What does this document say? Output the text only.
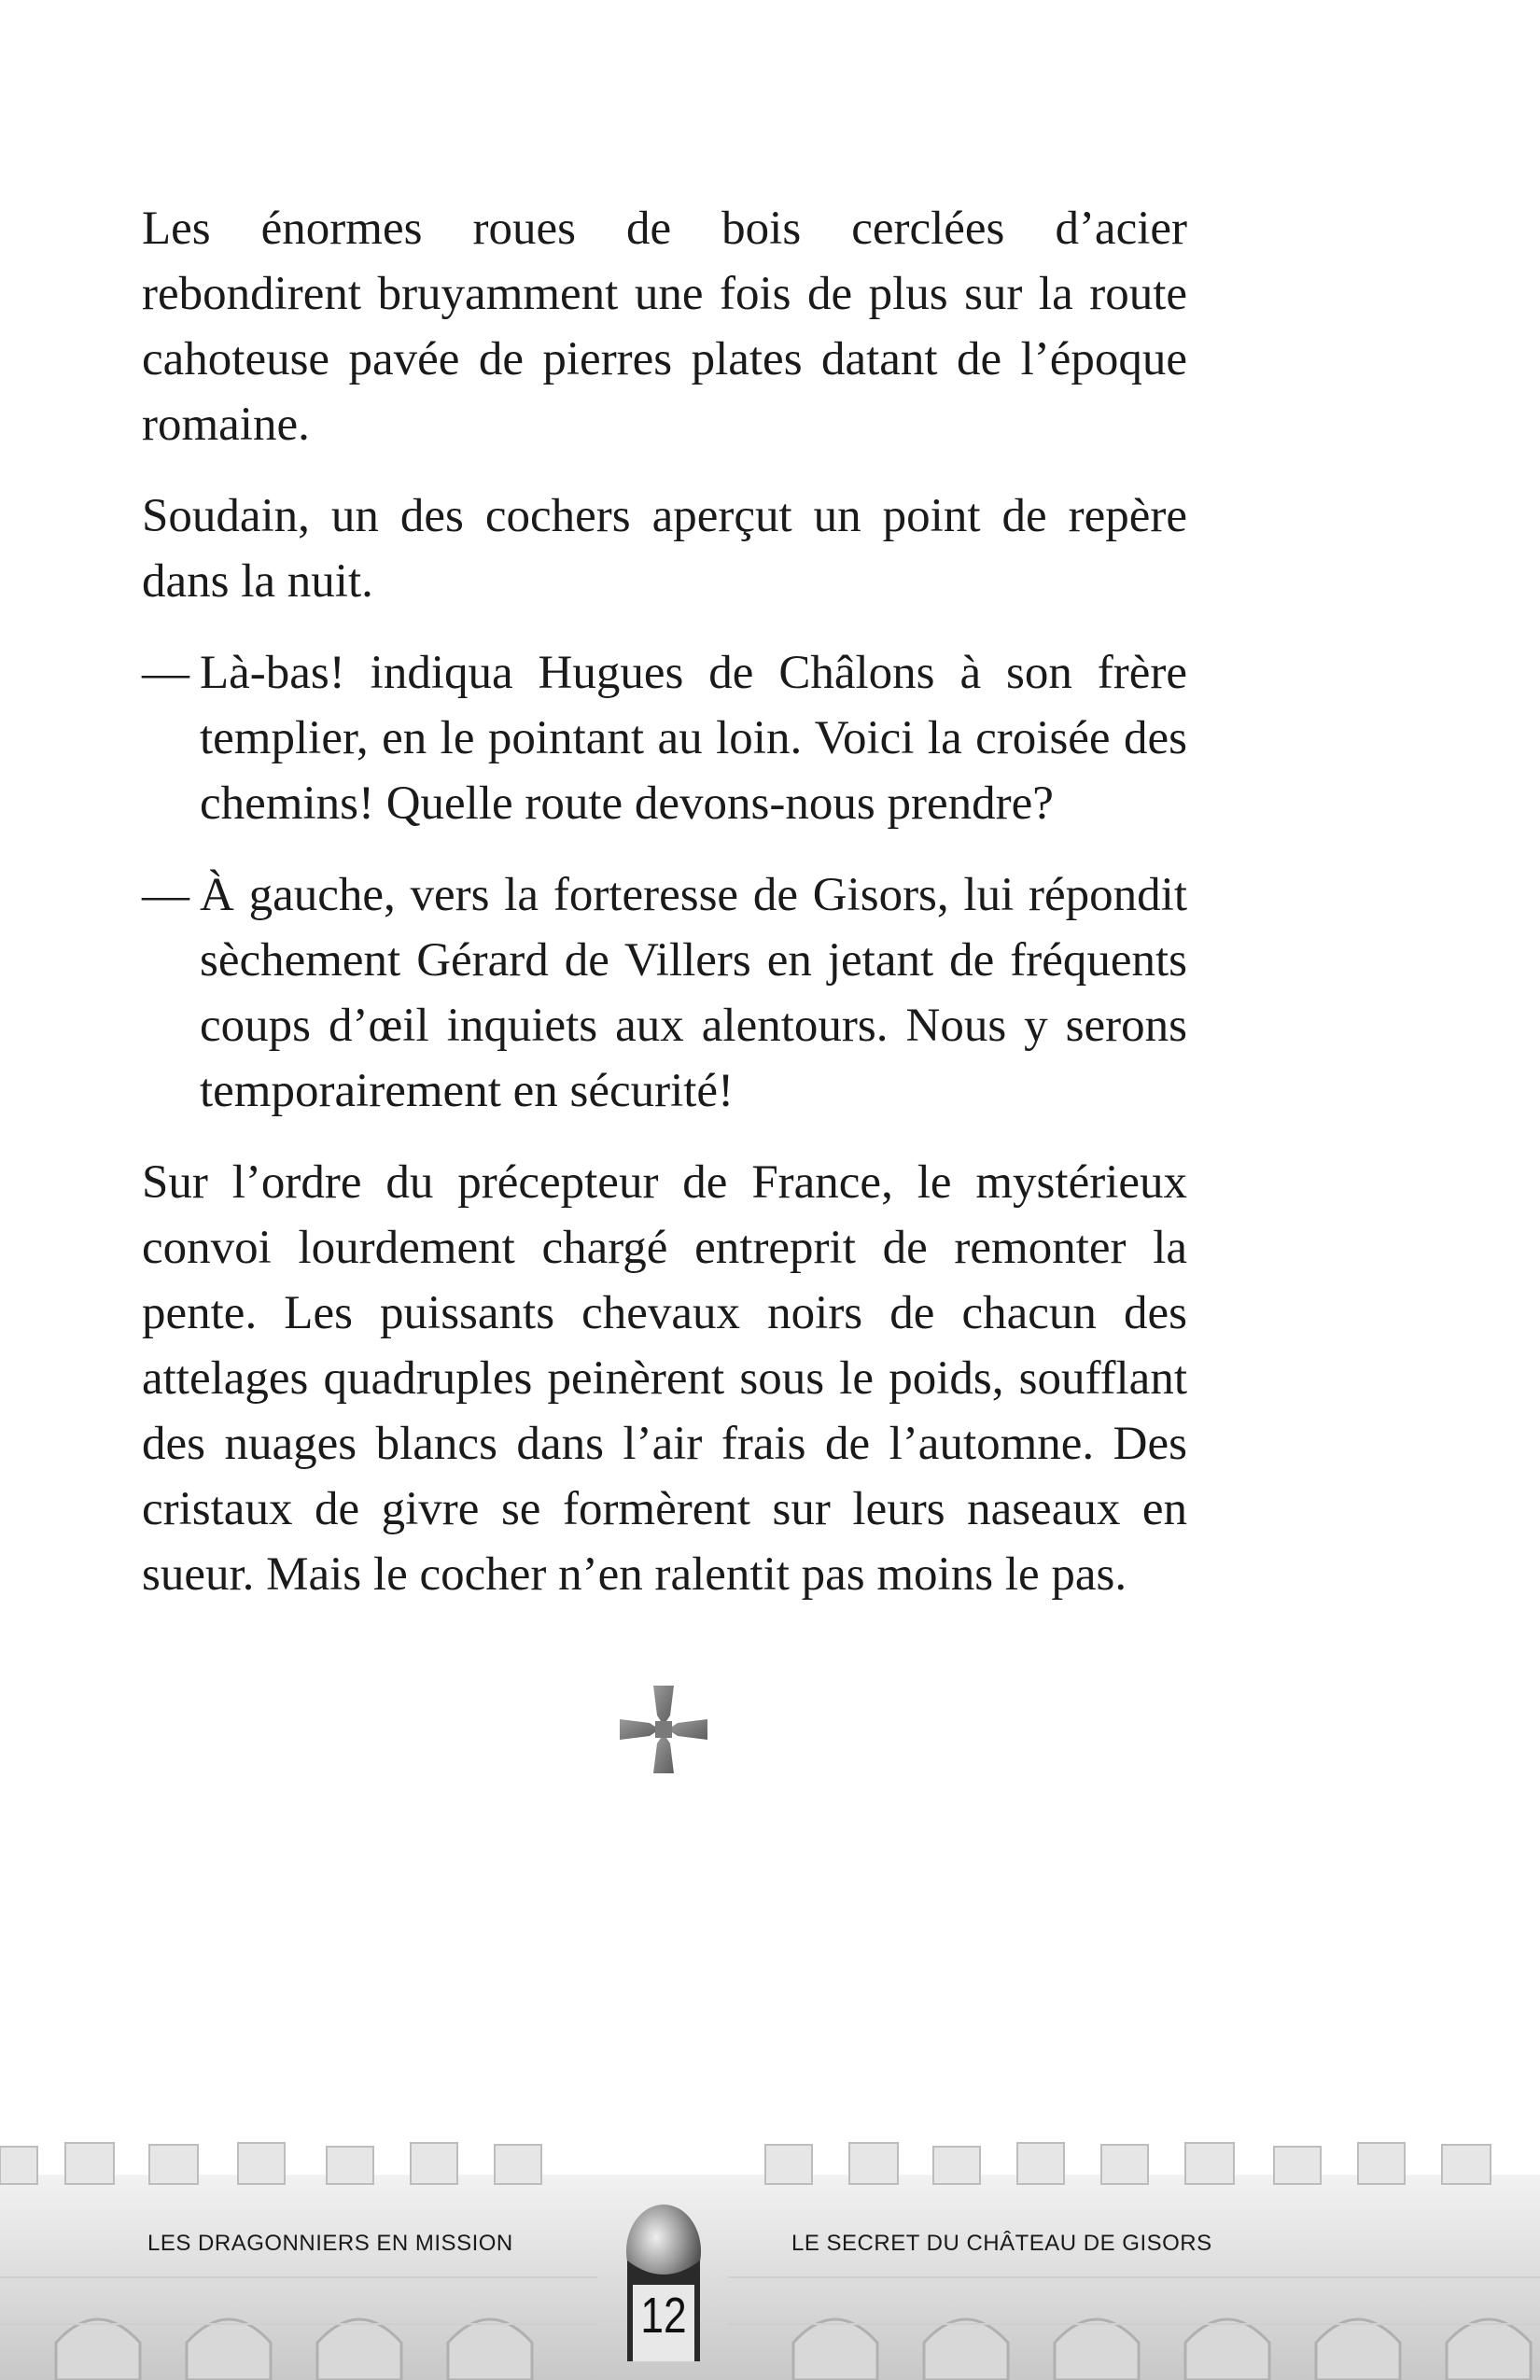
Les énormes roues de bois cerclées d’acier rebondirent bruyamment une fois de plus sur la route cahoteuse pavée de pierres plates datant de l’époque romaine.

Soudain, un des cochers aperçut un point de repère dans la nuit.

— Là-bas! indiqua Hugues de Châlons à son frère templier, en le pointant au loin. Voici la croisée des chemins! Quelle route devons-nous prendre?

— À gauche, vers la forteresse de Gisors, lui répondit sèchement Gérard de Villers en jetant de fréquents coups d’œil inquiets aux alentours. Nous y serons temporairement en sécurité!

Sur l’ordre du précepteur de France, le mystérieux convoi lourdement chargé entreprit de remonter la pente. Les puissants chevaux noirs de chacun des attelages quadruples peinèrent sous le poids, soufflant des nuages blancs dans l’air frais de l’automne. Des cristaux de givre se formèrent sur leurs naseaux en sueur. Mais le cocher n’en ralentit pas moins le pas.

LES DRAGONNIERS EN MISSION	LE SECRET DU CHÂTEAU DE GISORS
12
